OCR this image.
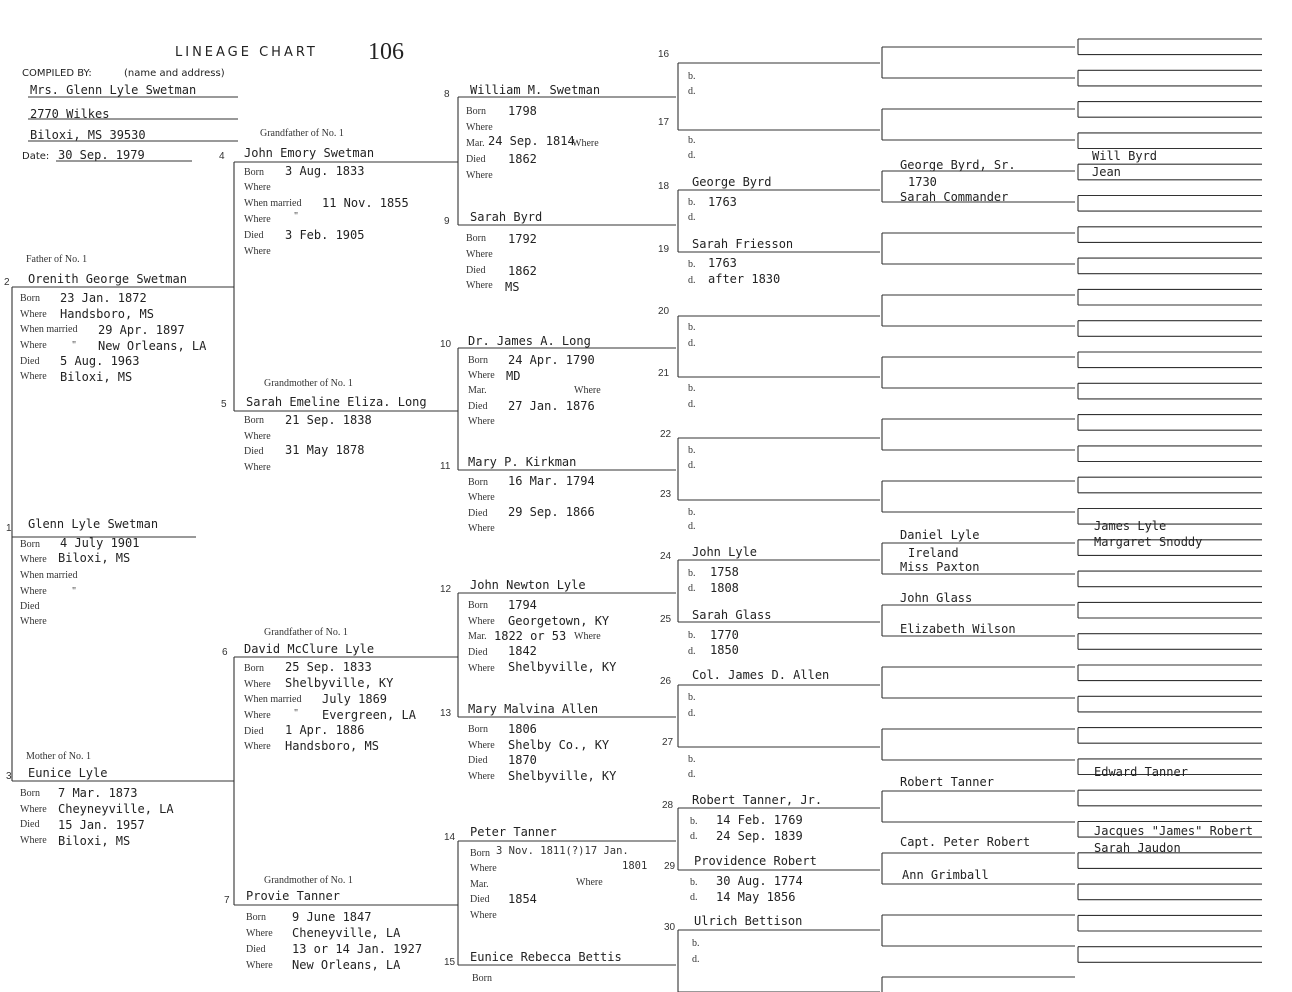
LINEAGE CHART 106
COMPILED BY:	(name and address)
Mrs. Glenn Lyle Swetman
2770 Wilkes
Biloxi, MS 39530
Date: 30 Sep. 1979
1 Glenn Lyle Swetman
Born 4 July 1901
Where Biloxi, MS
When married
Where	"
Died
Where
Father of No. 1
2 Orenith George Swetman
Born 23 Jan. 1872
Where Handsboro, MS
When married 29 Apr. 1897
Where	" New Orleans, LA
Died 5 Aug. 1963
Where Biloxi, MS
Mother of No. 1
3 Eunice Lyle
Born 7 Mar. 1873
Where Cheyneyville, LA
Died 15 Jan. 1957
Where Biloxi, MS
Grandfather of No. 1
4 John Emory Swetman
Born 3 Aug. 1833
Where
When married 11 Nov. 1855
Where "
Died 3 Feb. 1905
Where
Grandmother of No. 1
5 Sarah Emeline Eliza. Long
Born 21 Sep. 1838
Where
Died 31 May 1878
Where
Grandfather of No. 1
6 David McClure Lyle
Born 25 Sep. 1833
Where Shelbyville, KY
When married July 1869
Where " Evergreen, LA
Died 1 Apr. 1886
Where Handsboro, MS
Grandmother of No. 1
7 Provie Tanner
Born 9 June 1847
Where Cheneyville, LA
Died 13 or 14 Jan. 1927
Where New Orleans, LA
8 William M. Swetman
Born 1798
Where
Mar. 24 Sep. 1814
Where
Died 1862
Where
9 Sarah Byrd
Born 1792
Where
Died 1862
Where MS
10 Dr. James A. Long
Born 24 Apr. 1790
Where MD
Mar.	Where
Died 27 Jan. 1876
Where
11 Mary P. Kirkman
Born 16 Mar. 1794
Where
Died 29 Sep. 1866
Where
12 John Newton Lyle
Born 1794
Where Georgetown, KY
Mar. 1822 or 53 Where
Died 1842
Where Shelbyville, KY
13 Mary Malvina Allen
Born 1806
Where Shelby Co., KY
Died 1870
Where Shelbyville, KY
14 Peter Tanner
Born 3 Nov. 1811(?)17 Jan.
1801
Where
Mar.	Where
Died 1854
Where
15 Eunice Rebecca Bettis
Born
16
b.
d.
17
b.
d.
18 George Byrd
b. 1763
d.
19 Sarah Friesson
b. 1763
d. after 1830
20
b.
d.
21
b.
d.
22
b.
d.
23
b.
d.
24 John Lyle
b. 1758
d. 1808
25 Sarah Glass
b. 1770
d. 1850
26 Col. James D. Allen
b.
d.
27
b.
d.
28 Robert Tanner, Jr.
b. 14 Feb. 1769
d. 24 Sep. 1839
29 Providence Robert
b. 30 Aug. 1774
d. 14 May 1856
30 Ulrich Bettison
b.
d.
George Byrd, Sr.
1730
Sarah Commander
Daniel Lyle
Ireland
Miss Paxton
John Glass
Elizabeth Wilson
Robert Tanner
Capt. Peter Robert
Ann Grimball
Will Byrd
Jean
James Lyle
Margaret Snoddy
Edward Tanner
Jacques "James" Robert
Sarah Jaudon
